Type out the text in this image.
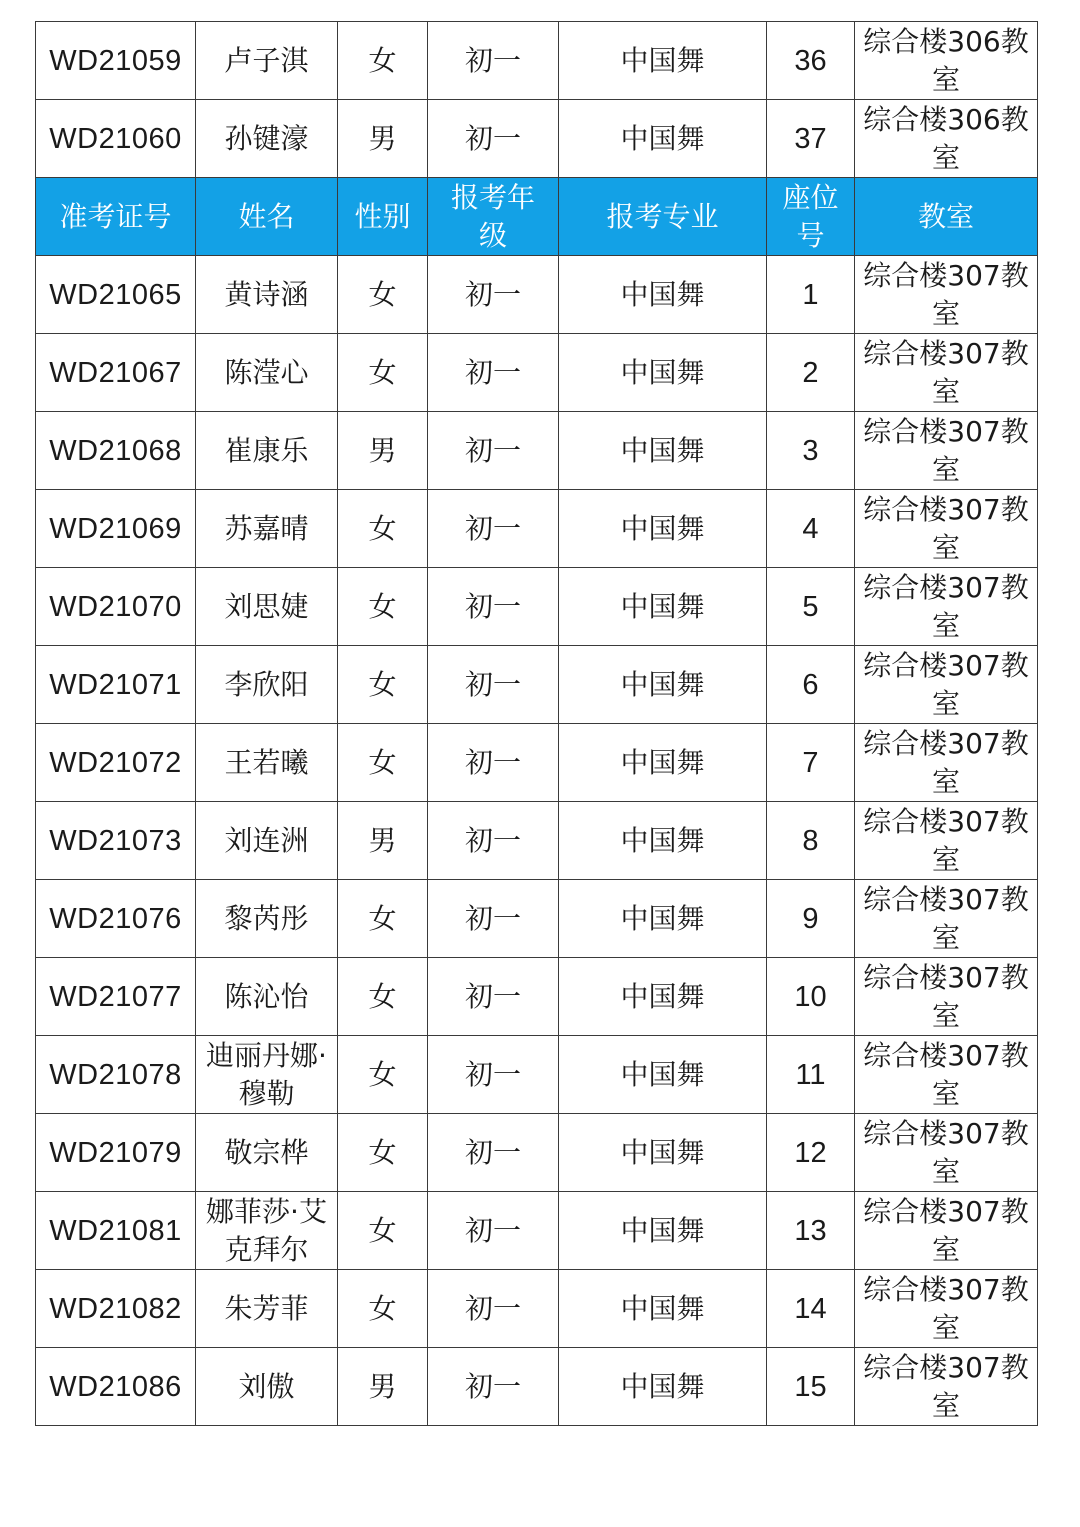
WD21059	卢子淇	女	初一	中国舞	36	综合楼306教室
WD21060	孙键濠	男	初一	中国舞	37	综合楼306教室
准考证号	姓名	性别	报考年级	报考专业	座位号	教室
WD21065	黄诗涵	女	初一	中国舞	1	综合楼307教室
WD21067	陈滢心	女	初一	中国舞	2	综合楼307教室
WD21068	崔康乐	男	初一	中国舞	3	综合楼307教室
WD21069	苏嘉晴	女	初一	中国舞	4	综合楼307教室
WD21070	刘思婕	女	初一	中国舞	5	综合楼307教室
WD21071	李欣阳	女	初一	中国舞	6	综合楼307教室
WD21072	王若曦	女	初一	中国舞	7	综合楼307教室
WD21073	刘连洲	男	初一	中国舞	8	综合楼307教室
WD21076	黎芮彤	女	初一	中国舞	9	综合楼307教室
WD21077	陈沁怡	女	初一	中国舞	10	综合楼307教室
WD21078	迪丽丹娜·穆勒	女	初一	中国舞	11	综合楼307教室
WD21079	敬宗桦	女	初一	中国舞	12	综合楼307教室
WD21081	娜菲莎·艾克拜尔	女	初一	中国舞	13	综合楼307教室
WD21082	朱芳菲	女	初一	中国舞	14	综合楼307教室
WD21086	刘傲	男	初一	中国舞	15	综合楼307教室
